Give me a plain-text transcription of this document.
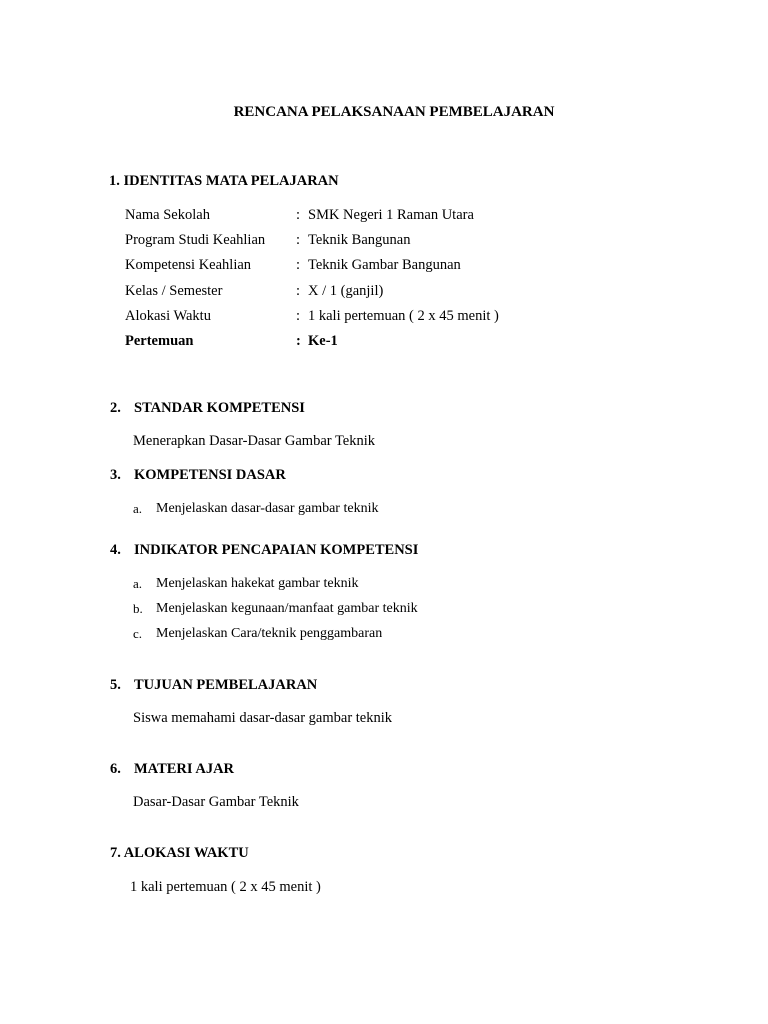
RENCANA PELAKSANAAN PEMBELAJARAN
1. IDENTITAS MATA PELAJARAN
Nama Sekolah	: SMK Negeri 1 Raman Utara
Program Studi Keahlian : Teknik Bangunan
Kompetensi Keahlian	: Teknik Gambar Bangunan
Kelas / Semester	: X / 1 (ganjil)
Alokasi Waktu	: 1 kali pertemuan ( 2 x 45 menit )
Pertemuan	: Ke-1
2. STANDAR KOMPETENSI
Menerapkan Dasar-Dasar Gambar Teknik
3. KOMPETENSI DASAR
a. Menjelaskan dasar-dasar gambar teknik
4. INDIKATOR PENCAPAIAN KOMPETENSI
a. Menjelaskan hakekat gambar teknik
b. Menjelaskan kegunaan/manfaat gambar teknik
c. Menjelaskan Cara/teknik penggambaran
5. TUJUAN PEMBELAJARAN
Siswa memahami dasar-dasar gambar teknik
6. MATERI AJAR
Dasar-Dasar Gambar Teknik
7. ALOKASI WAKTU
1 kali pertemuan ( 2 x 45 menit )
